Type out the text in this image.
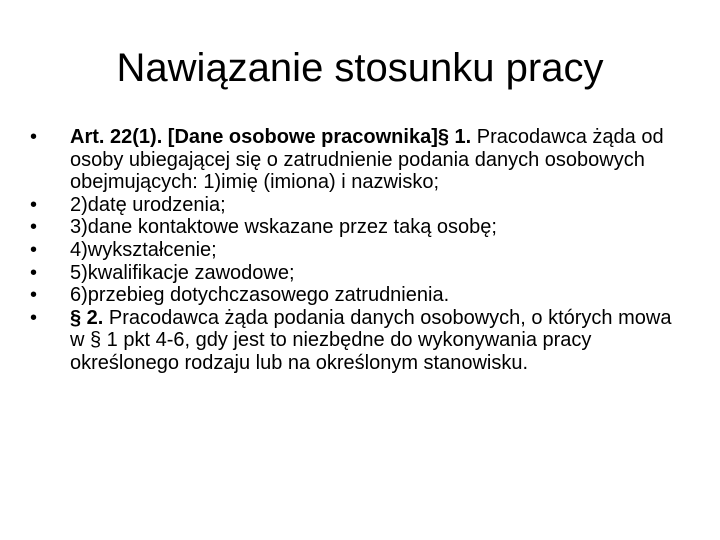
Nawiązanie stosunku pracy
•	Art. 22(1). [Dane osobowe pracownika]§ 1. Pracodawca żąda od osoby ubiegającej się o zatrudnienie podania danych osobowych obejmujących: 1)imię (imiona) i nazwisko;
•	2)datę urodzenia;
•	3)dane kontaktowe wskazane przez taką osobę;
•	4)wykształcenie;
•	5)kwalifikacje zawodowe;
•	6)przebieg dotychczasowego zatrudnienia.
•	§ 2. Pracodawca żąda podania danych osobowych, o których mowa w § 1 pkt 4-6, gdy jest to niezbędne do wykonywania pracy określonego rodzaju lub na określonym stanowisku.
